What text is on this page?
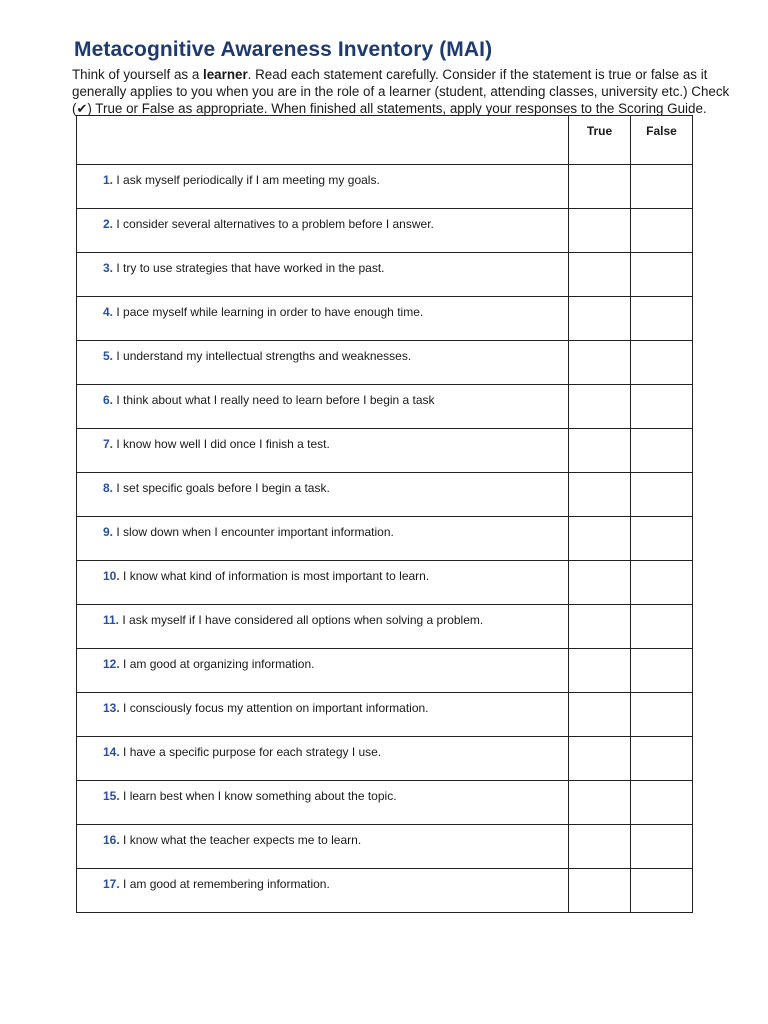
Metacognitive Awareness Inventory (MAI)

Think of yourself as a learner. Read each statement carefully. Consider if the statement is true or false as it

generally applies to you when you are in the role of a learner (student, attending classes, university etc.) Check

(✔) True or False as appropriate. When finished all statements, apply your responses to the Scoring Guide.

	True	False
1. I ask myself periodically if I am meeting my goals.		
2. I consider several alternatives to a problem before I answer.		
3. I try to use strategies that have worked in the past.		
4. I pace myself while learning in order to have enough time.		
5. I understand my intellectual strengths and weaknesses.		
6. I think about what I really need to learn before I begin a task		
7. I know how well I did once I finish a test.		
8. I set specific goals before I begin a task.		
9. I slow down when I encounter important information.		
10. I know what kind of information is most important to learn.		
11. I ask myself if I have considered all options when solving a problem.		
12. I am good at organizing information.		
13. I consciously focus my attention on important information.		
14. I have a specific purpose for each strategy I use.		
15. I learn best when I know something about the topic.		
16. I know what the teacher expects me to learn.		
17. I am good at remembering information.		
